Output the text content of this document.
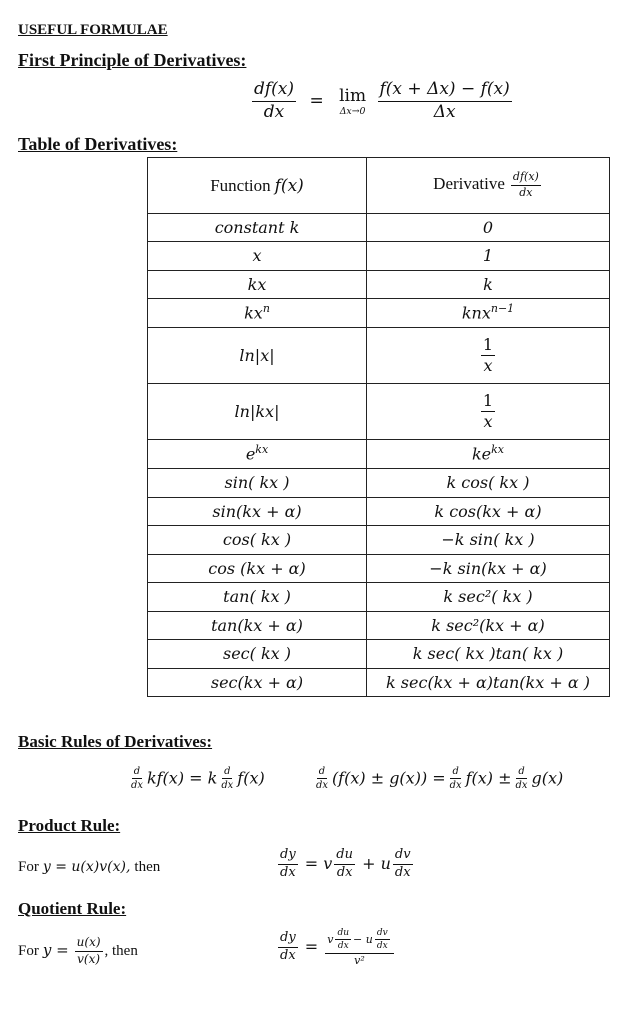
USEFUL FORMULAE
First Principle of Derivatives:
$\frac{df(x)}{dx} = \lim$
Δx→0
$\frac{f(x + \Delta x) - f(x)}{\Delta x}$
Table of Derivatives:
Function f(x)	Derivative $\frac{df(x)}{dx}$

constant k	0
x	1
kx	k
$kx^n$	knx$^{n-1}$
ln|x|	$\frac{1}{x}$

ln|kx|	$\frac{1}{x}$

$e^{kx}$	$ke^{kx}$
sin( kx )	k cos( kx )
sin(kx + α)	k cos(kx + α)
cos( kx )	−k sin( kx )
cos (kx + α)	−k sin(kx + α)
tan( kx )	k sec²( kx )
tan(kx + α)	k sec²(kx + α)
sec( kx )	k sec( kx )tan( kx )
sec(kx + α)	k sec(kx + α)tan(kx + α )
Basic Rules of Derivatives:
$\frac{d}{dx} kf(x) = k \frac{d}{dx} f(x)$	$\frac{d}{dx} (f(x) \pm g(x)) = \frac{d}{dx} f(x) \pm \frac{d}{dx} g(x)$
Product Rule:
For y = u(x)v(x), then	$\frac{dy}{dx} = v \frac{du}{dx} + u \frac{dv}{dx}$
Quotient Rule:
For $y = \frac{u(x)}{v(x)}$ , then	$\frac{dy}{dx} = \frac{v \frac{du}{dx} - u \frac{dv}{dx}}{\text{v²}}$
